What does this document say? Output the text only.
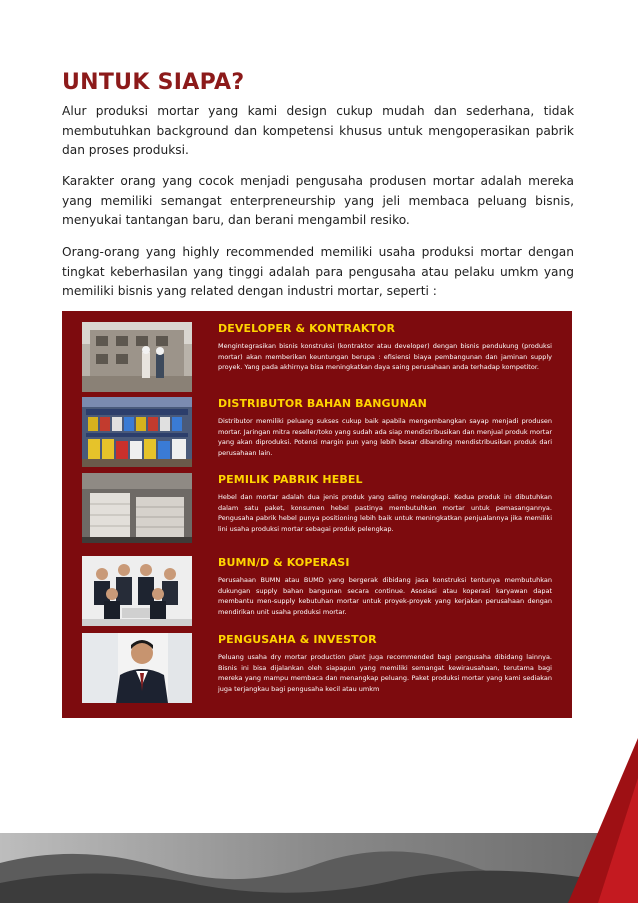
UNTUK SIAPA?
Alur produksi mortar yang kami design cukup mudah dan sederhana, tidak membutuhkan background dan kompetensi khusus untuk mengoperasikan pabrik dan proses produksi.
Karakter orang yang cocok menjadi pengusaha produsen mortar adalah mereka yang memiliki semangat enterpreneurship yang jeli membaca peluang bisnis, menyukai tantangan baru, dan berani mengambil resiko.
Orang-orang yang highly recommended memiliki usaha produksi mortar dengan tingkat keberhasilan yang tinggi adalah para pengusaha atau pelaku umkm yang memiliki bisnis yang related dengan industri mortar, seperti :
DEVELOPER & KONTRAKTOR
Mengintegrasikan bisnis konstruksi (kontraktor atau developer) dengan bisnis pendukung (produksi mortar) akan memberikan keuntungan berupa : efisiensi biaya pembangunan dan jaminan supply proyek. Yang pada akhirnya bisa meningkatkan daya saing perusahaan anda terhadap kompetitor.
DISTRIBUTOR BAHAN BANGUNAN
Distributor memiliki peluang sukses cukup baik apabila mengembangkan sayap menjadi produsen mortar. Jaringan mitra reseller/toko yang sudah ada siap mendistribusikan dan menjual produk mortar yang akan diproduksi. Potensi margin pun yang lebih besar dibanding mendistribusikan produk dari perusahaan lain.
PEMILIK PABRIK HEBEL
Hebel dan mortar adalah dua jenis produk yang saling melengkapi. Kedua produk ini dibutuhkan dalam satu paket, konsumen hebel pastinya membutuhkan mortar untuk pemasangannya. Pengusaha pabrik hebel punya positioning lebih baik untuk meningkatkan penjualannya jika memiliki lini usaha produksi mortar sebagai produk pelengkap.
BUMN/D & KOPERASI
Perusahaan BUMN atau BUMD yang bergerak dibidang jasa konstruksi tentunya membutuhkan dukungan supply bahan bangunan secara continue. Asosiasi atau koperasi karyawan dapat membantu men-supply kebutuhan mortar untuk proyek-proyek yang kerjakan perusahaan dengan mendirikan unit usaha produksi mortar.
PENGUSAHA & INVESTOR
Peluang usaha dry mortar production plant juga recommended bagi pengusaha dibidang lainnya. Bisnis ini bisa dijalankan oleh siapapun yang memiliki semangat kewirausahaan, terutama bagi mereka yang mampu membaca dan menangkap peluang. Paket produksi mortar yang kami sediakan juga terjangkau bagi pengusaha kecil atau umkm
